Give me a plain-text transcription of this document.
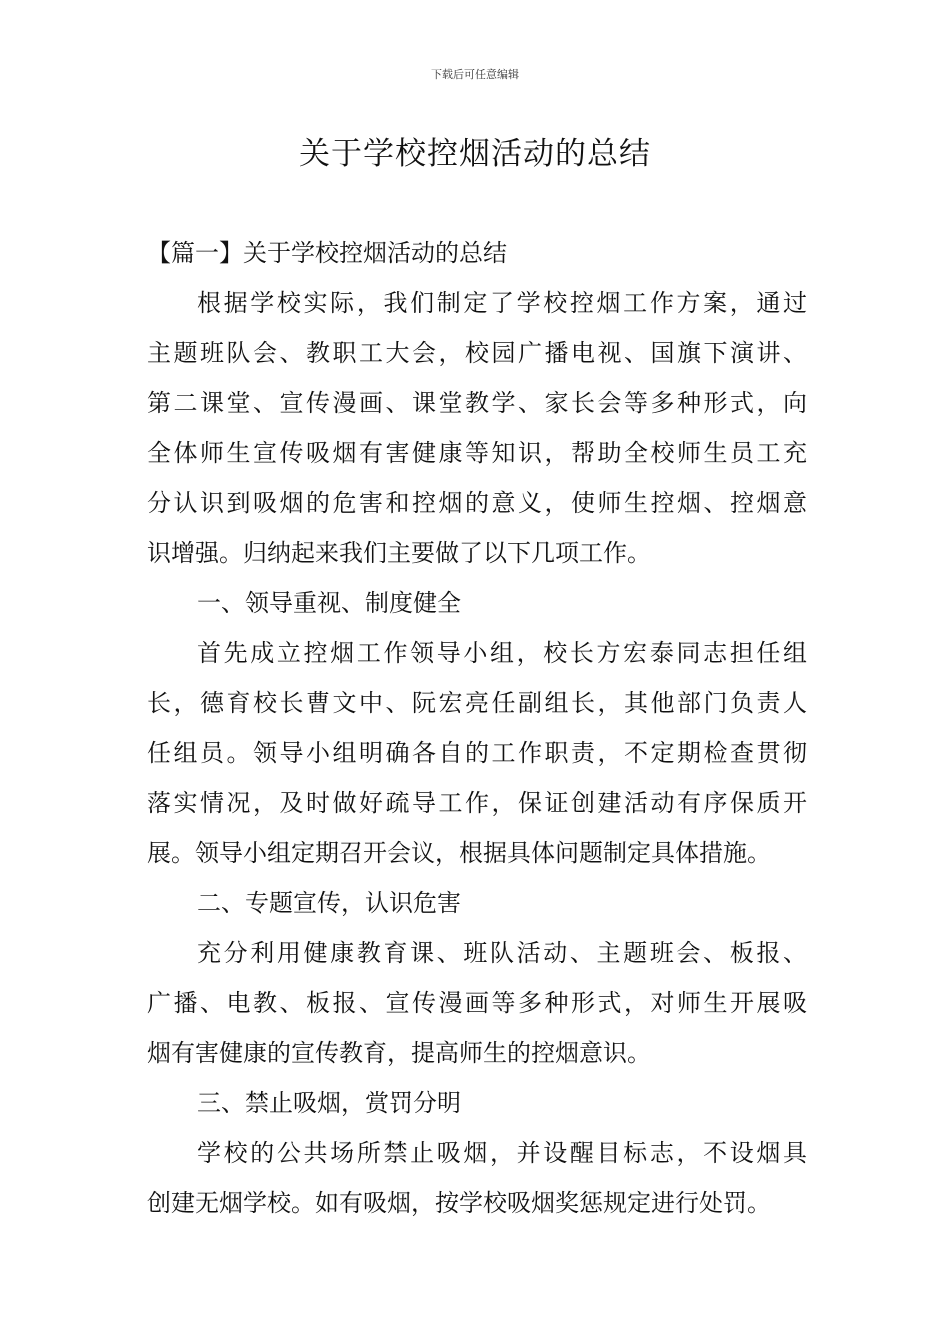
下载后可任意编辑
关于学校控烟活动的总结
【篇一】关于学校控烟活动的总结
根据学校实际，我们制定了学校控烟工作方案，通过
主题班队会、教职工大会，校园广播电视、国旗下演讲、
第二课堂、宣传漫画、课堂教学、家长会等多种形式，向
全体师生宣传吸烟有害健康等知识，帮助全校师生员工充
分认识到吸烟的危害和控烟的意义，使师生控烟、控烟意
识增强。归纳起来我们主要做了以下几项工作。
一、领导重视、制度健全
首先成立控烟工作领导小组，校长方宏泰同志担任组
长，德育校长曹文中、阮宏亮任副组长，其他部门负责人
任组员。领导小组明确各自的工作职责，不定期检查贯彻
落实情况，及时做好疏导工作，保证创建活动有序保质开
展。领导小组定期召开会议，根据具体问题制定具体措施。
二、专题宣传，认识危害
充分利用健康教育课、班队活动、主题班会、板报、
广播、电教、板报、宣传漫画等多种形式，对师生开展吸
烟有害健康的宣传教育，提高师生的控烟意识。
三、禁止吸烟，赏罚分明
学校的公共场所禁止吸烟，并设醒目标志，不设烟具
创建无烟学校。如有吸烟，按学校吸烟奖惩规定进行处罚。
